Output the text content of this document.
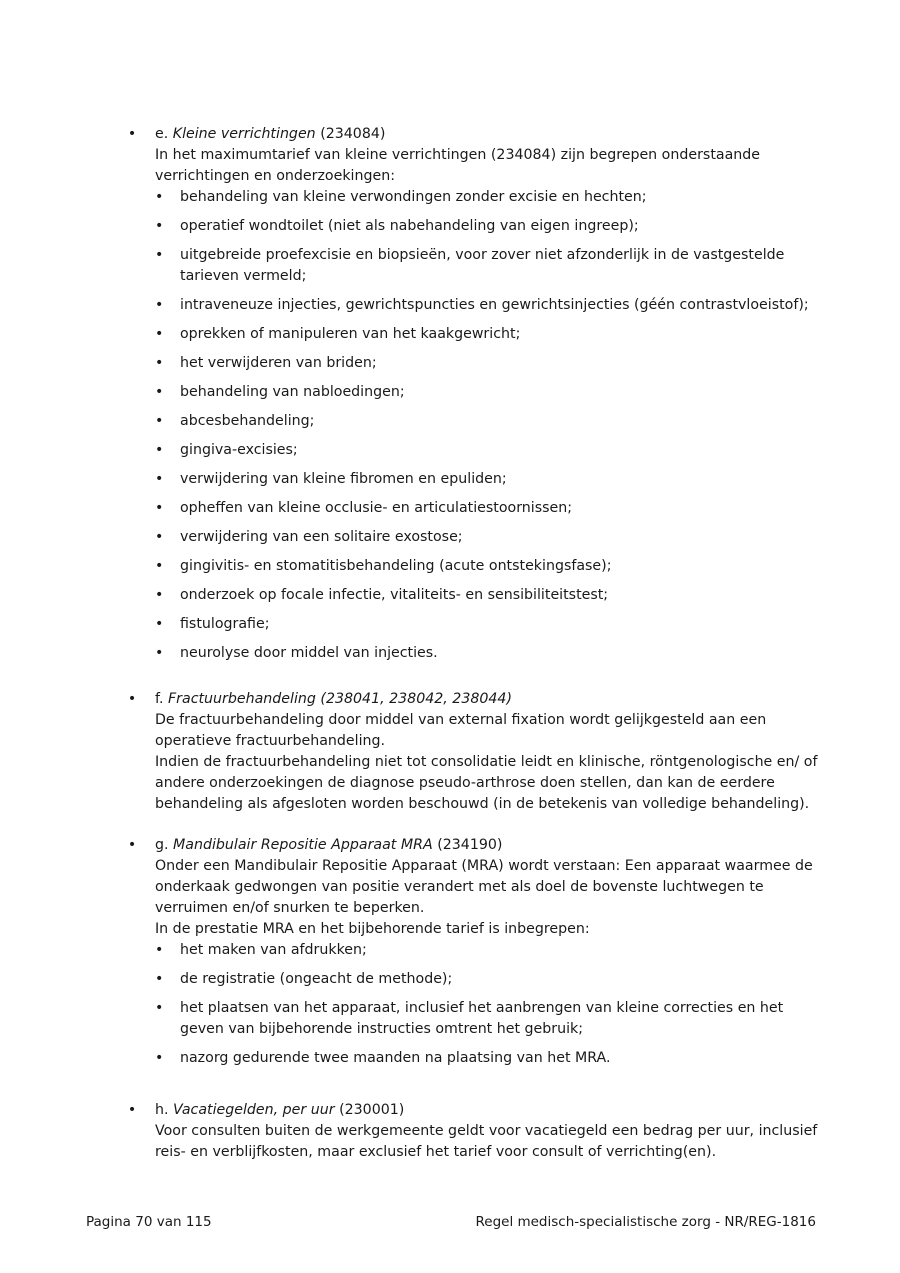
• e. Kleine verrichtingen (234084)
In het maximumtarief van kleine verrichtingen (234084) zijn begrepen onderstaande verrichtingen en onderzoekingen:
• behandeling van kleine verwondingen zonder excisie en hechten;
• operatief wondtoilet (niet als nabehandeling van eigen ingreep);
• uitgebreide proefexcisie en biopsieën, voor zover niet afzonderlijk in de vastgestelde tarieven vermeld;
• intraveneuze injecties, gewrichtspuncties en gewrichtsinjecties (géén contrastvloeistof);
• oprekken of manipuleren van het kaakgewricht;
• het verwijderen van briden;
• behandeling van nabloedingen;
• abcesbehandeling;
• gingiva-excisies;
• verwijdering van kleine fibromen en epuliden;
• opheffen van kleine occlusie- en articulatiestoornissen;
• verwijdering van een solitaire exostose;
• gingivitis- en stomatitisbehandeling (acute ontstekingsfase);
• onderzoek op focale infectie, vitaliteits- en sensibiliteitstest;
• fistulografie;
• neurolyse door middel van injecties.
• f. Fractuurbehandeling (238041, 238042, 238044)
De fractuurbehandeling door middel van external fixation wordt gelijkgesteld aan een operatieve fractuurbehandeling.
Indien de fractuurbehandeling niet tot consolidatie leidt en klinische, röntgenologische en/ of andere onderzoekingen de diagnose pseudo-arthrose doen stellen, dan kan de eerdere behandeling als afgesloten worden beschouwd (in de betekenis van volledige behandeling).
• g. Mandibulair Repositie Apparaat MRA (234190)
Onder een Mandibulair Repositie Apparaat (MRA) wordt verstaan: Een apparaat waarmee de onderkaak gedwongen van positie verandert met als doel de bovenste luchtwegen te verruimen en/of snurken te beperken.
In de prestatie MRA en het bijbehorende tarief is inbegrepen:
• het maken van afdrukken;
• de registratie (ongeacht de methode);
• het plaatsen van het apparaat, inclusief het aanbrengen van kleine correcties en het geven van bijbehorende instructies omtrent het gebruik;
• nazorg gedurende twee maanden na plaatsing van het MRA.
• h. Vacatiegelden, per uur (230001)
Voor consulten buiten de werkgemeente geldt voor vacatiegeld een bedrag per uur, inclusief reis- en verblijfkosten, maar exclusief het tarief voor consult of verrichting(en).
Pagina 70 van 115	Regel medisch-specialistische zorg - NR/REG-1816
